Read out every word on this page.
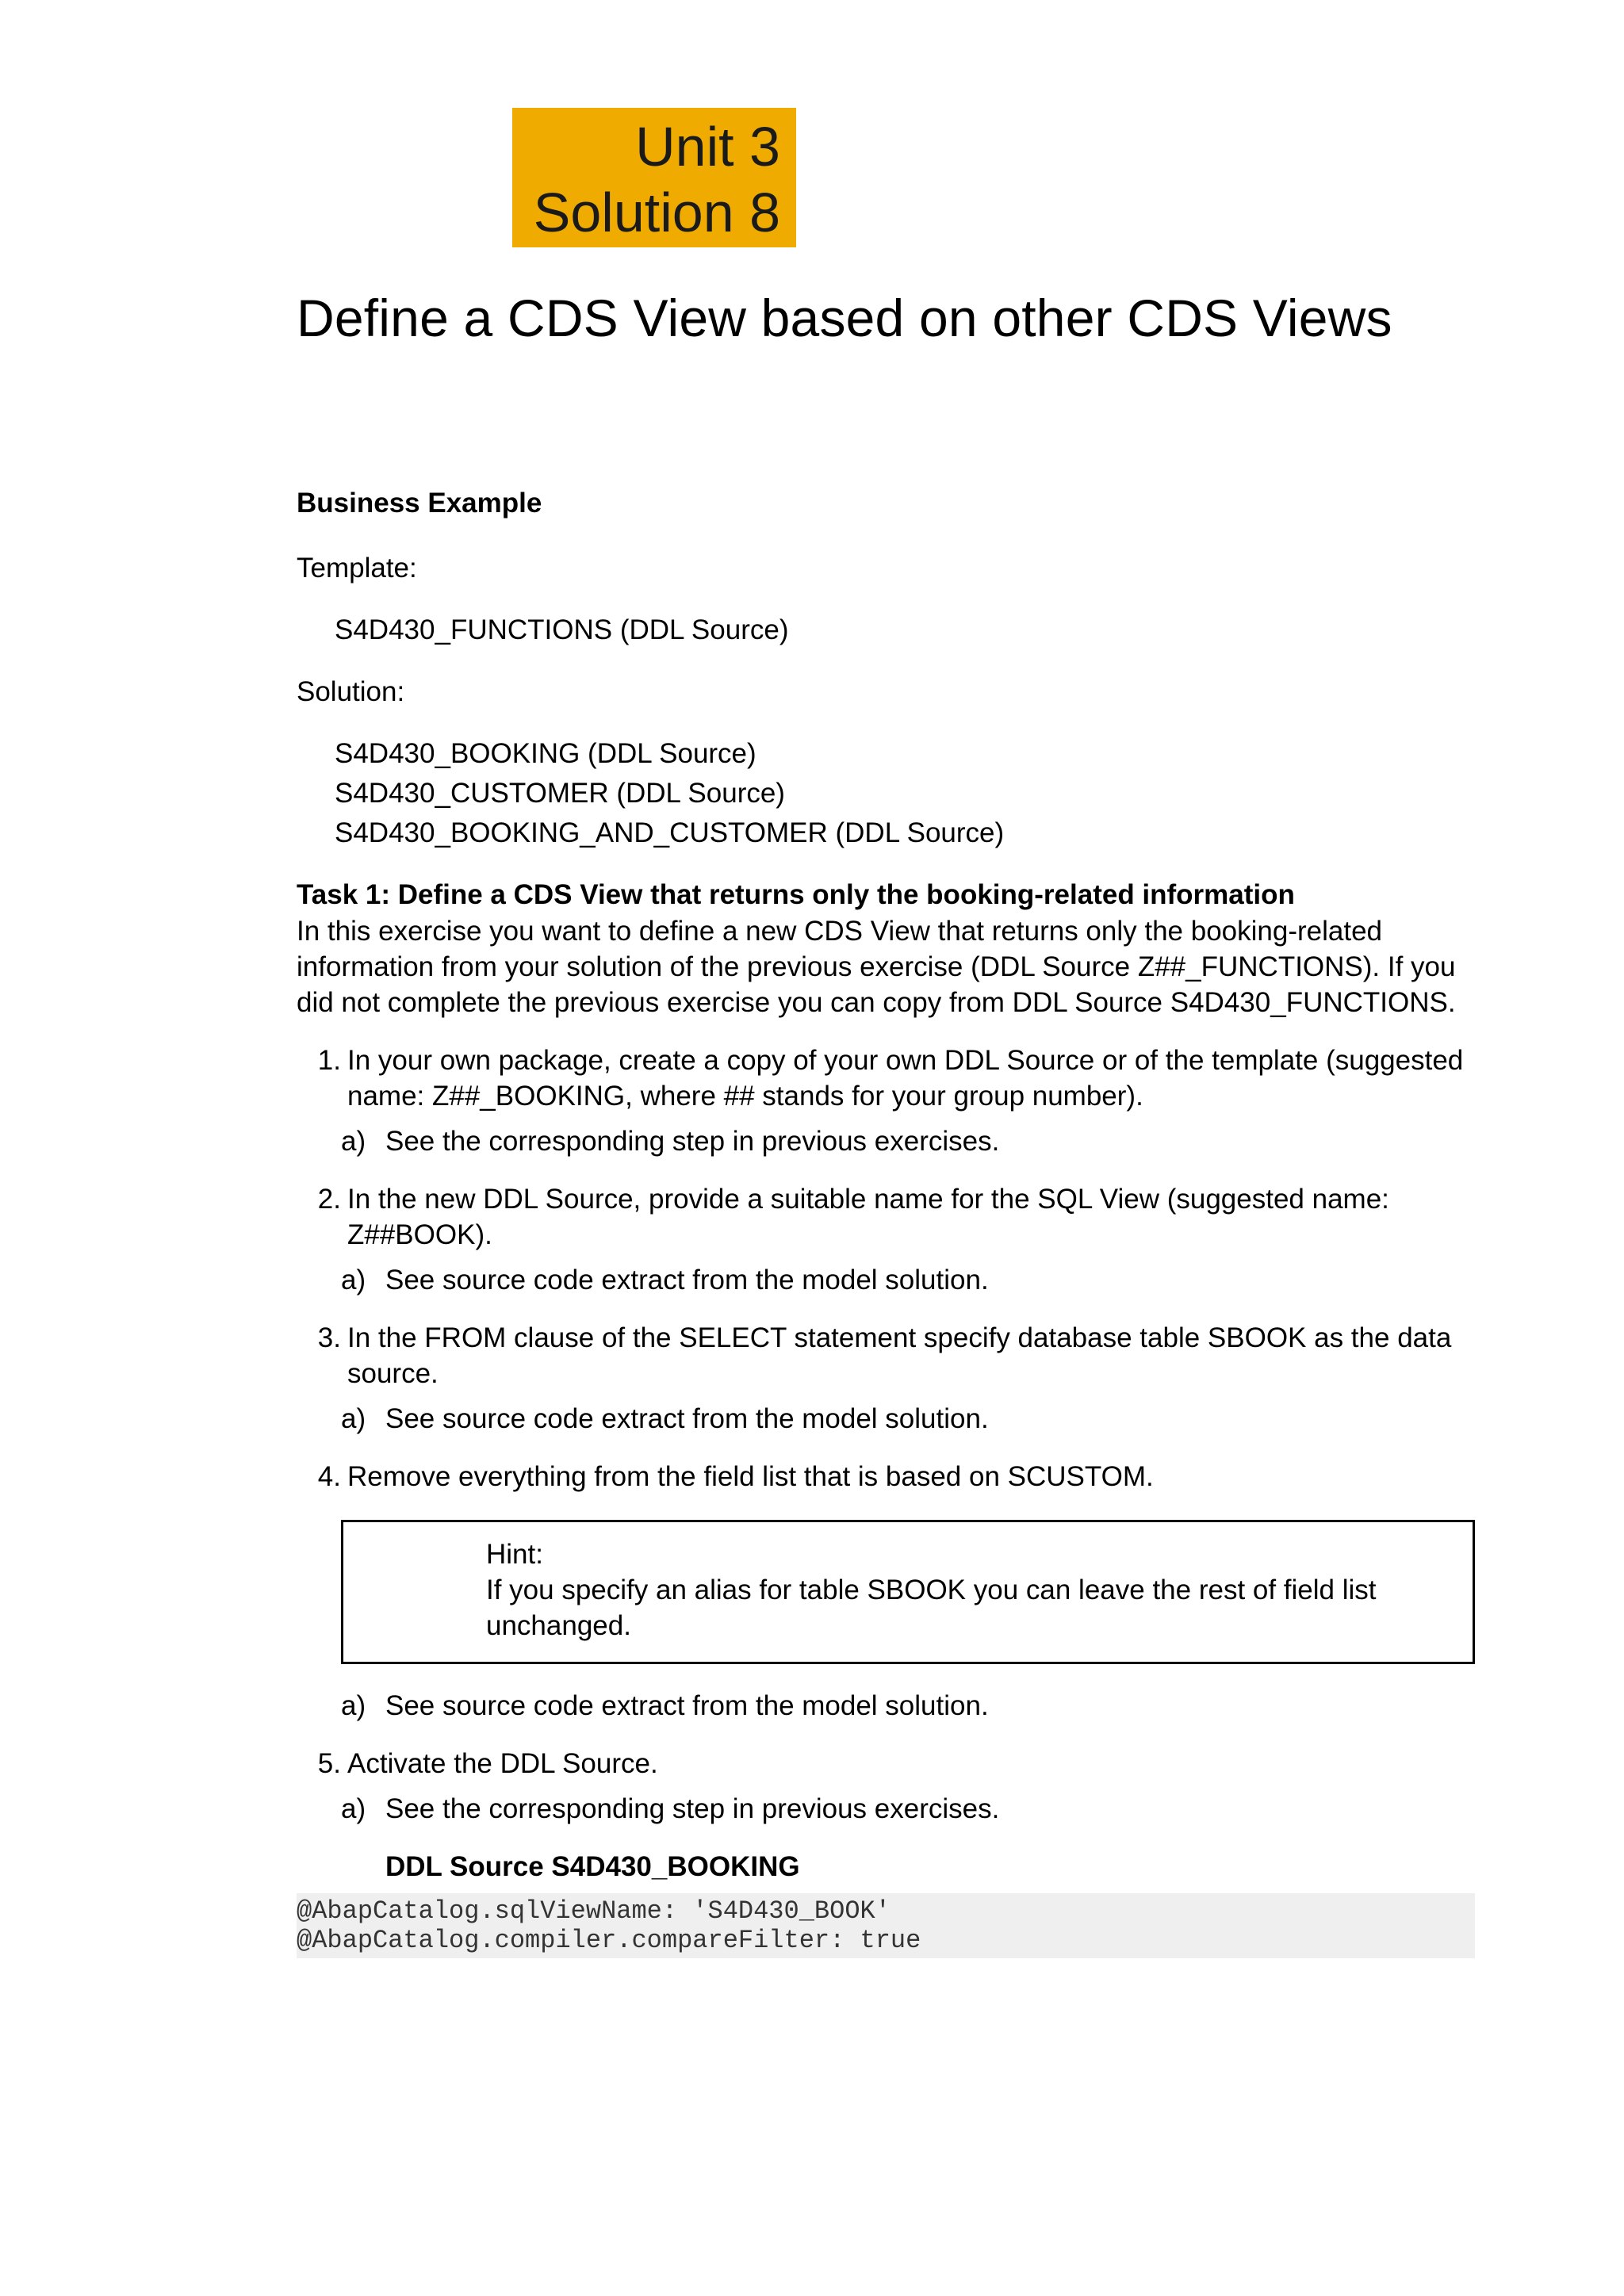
Unit 3
Solution 8
Define a CDS View based on other CDS Views
Business Example
Template:
S4D430_FUNCTIONS (DDL Source)
Solution:
S4D430_BOOKING (DDL Source)
S4D430_CUSTOMER (DDL Source)
S4D430_BOOKING_AND_CUSTOMER (DDL Source)
Task 1: Define a CDS View that returns only the booking-related information
In this exercise you want to define a new CDS View that returns only the booking-related information from your solution of the previous exercise (DDL Source Z##_FUNCTIONS). If you did not complete the previous exercise you can copy from DDL Source S4D430_FUNCTIONS.
1. In your own package, create a copy of your own DDL Source or of the template (suggested name: Z##_BOOKING, where ## stands for your group number).
a) See the corresponding step in previous exercises.
2. In the new DDL Source, provide a suitable name for the SQL View (suggested name: Z##BOOK).
a) See source code extract from the model solution.
3. In the FROM clause of the SELECT statement specify database table SBOOK as the data source.
a) See source code extract from the model solution.
4. Remove everything from the field list that is based on SCUSTOM.
Hint:
If you specify an alias for table SBOOK you can leave the rest of field list unchanged.
a) See source code extract from the model solution.
5. Activate the DDL Source.
a) See the corresponding step in previous exercises.
DDL Source S4D430_BOOKING
@AbapCatalog.sqlViewName: 'S4D430_BOOK'
@AbapCatalog.compiler.compareFilter: true
